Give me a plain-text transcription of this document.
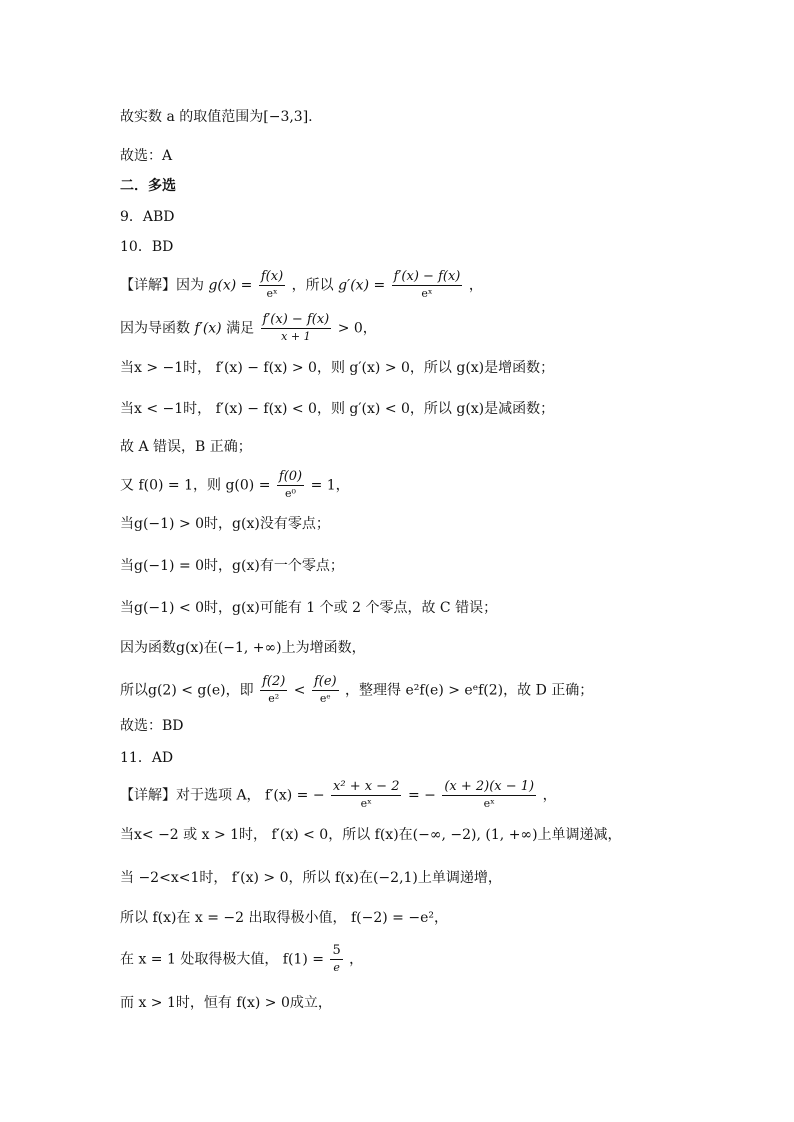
故实数 a 的取值范围为[−3,3].
故选：A
二．多选
9．ABD
10．BD
【详解】因为 $g(x) = \frac{f(x)}{\text{eˣ}}$ ，所以 $g'(x) = \frac{f'(x) - f(x)}{\text{eˣ}}$ ，
因为导函数 f′(x) 满足 $\frac{f'(x) - f(x)}{x + 1} > 0$，
当x > −1时， f′(x) − f(x) > 0，则 g′(x) > 0，所以 g(x)是增函数；
当x < −1时， f′(x) − f(x) < 0，则 g′(x) < 0，所以 g(x)是减函数；
故 A 错误，B 正确；
又 f(0) = 1，则 $g(0) = \frac{f(0)}{\text{e⁰}} = 1$，
当g(−1) > 0时，g(x)没有零点；
当g(−1) = 0时，g(x)有一个零点；
当g(−1) < 0时，g(x)可能有 1 个或 2 个零点，故 C 错误；
因为函数g(x)在(−1, +∞)上为增函数，
所以g(2) < g(e)，即 $\frac{f(2)}{\text{e²}} < \frac{f(e)}{\text{eᵉ}}$ ，整理得 e²f(e) > eᵉf(2)，故 D 正确；
故选：BD
11．AD
【详解】对于选项 A， f′(x) = − $\frac{\text{x² + x − 2}}{\text{eˣ}}$ = − $\frac{(x + 2)(x - 1)}{\text{eˣ}}$ ，
当x< −2 或 x > 1时， f′(x) < 0，所以 f(x)在(−∞, −2), (1, +∞)上单调递减，
当 −2<x<1时， f′(x) > 0，所以 f(x)在(−2,1)上单调递增，
所以 f(x)在 x = −2 出取得极小值， f(−2) = −e²，
在 x = 1 处取得极大值， $f(1) = \frac{5}{e}$ ，
而 x > 1时，恒有 f(x) > 0成立，
